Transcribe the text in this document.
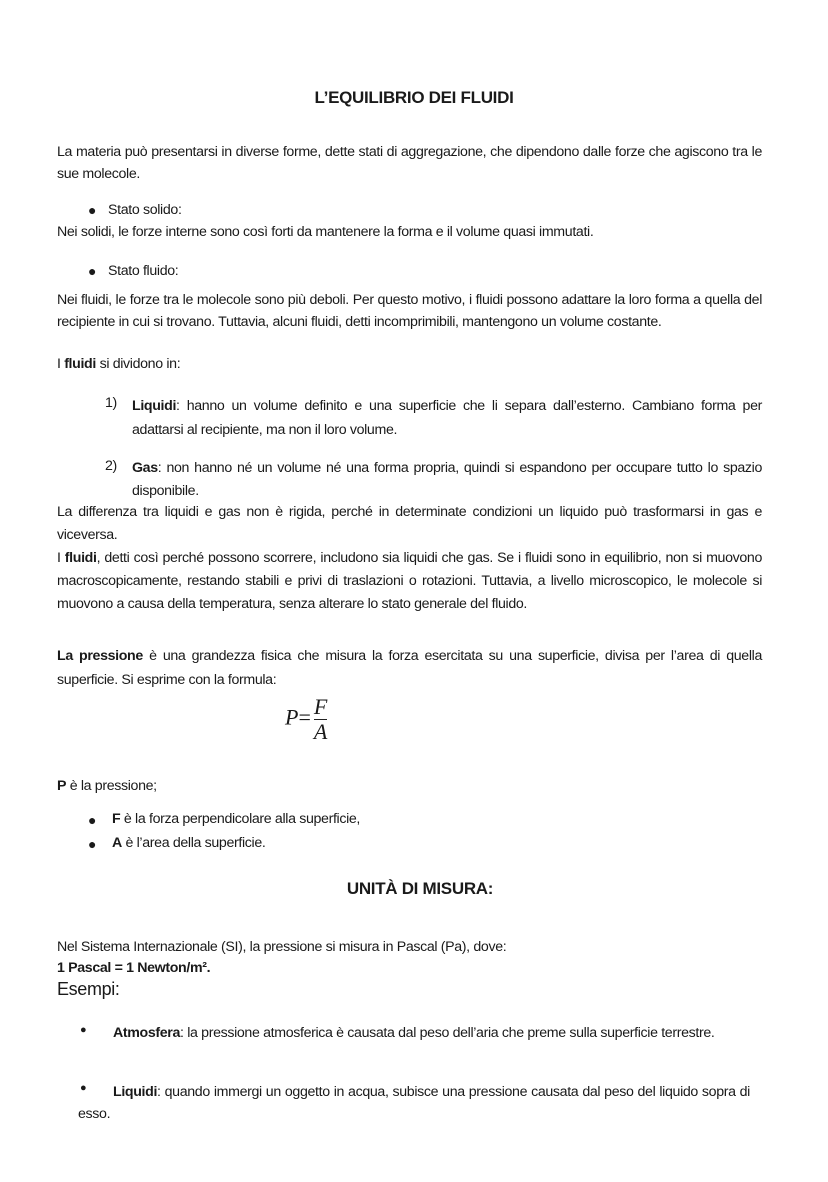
L’EQUILIBRIO DEI FLUIDI
La materia può presentarsi in diverse forme, dette stati di aggregazione, che dipendono dalle forze che agiscono tra le sue molecole.
● Stato solido:
Nei solidi, le forze interne sono così forti da mantenere la forma e il volume quasi immutati.
● Stato fluido:
Nei fluidi, le forze tra le molecole sono più deboli. Per questo motivo, i fluidi possono adattare la loro forma a quella del recipiente in cui si trovano. Tuttavia, alcuni fluidi, detti incomprimibili, mantengono un volume costante.
I fluidi si dividono in:
1) Liquidi: hanno un volume definito e una superficie che li separa dall’esterno. Cambiano forma per adattarsi al recipiente, ma non il loro volume.
2) Gas: non hanno né un volume né una forma propria, quindi si espandono per occupare tutto lo spazio disponibile.
La differenza tra liquidi e gas non è rigida, perché in determinate condizioni un liquido può trasformarsi in gas e viceversa.
I fluidi, detti così perché possono scorrere, includono sia liquidi che gas. Se i fluidi sono in equilibrio, non si muovono macroscopicamente, restando stabili e privi di traslazioni o rotazioni. Tuttavia, a livello microscopico, le molecole si muovono a causa della temperatura, senza alterare lo stato generale del fluido.
La pressione è una grandezza fisica che misura la forza esercitata su una superficie, divisa per l’area di quella superficie. Si esprime con la formula:
$P= \frac{F}{A}$
P è la pressione;
● F è la forza perpendicolare alla superficie,
● A è l’area della superficie.
UNITÀ DI MISURA:
Nel Sistema Internazionale (SI), la pressione si misura in Pascal (Pa), dove:
1 Pascal = 1 Newton/m².
Esempi:
●	Atmosfera: la pressione atmosferica è causata dal peso dell’aria che preme sulla superficie terrestre.
●	Liquidi: quando immergi un oggetto in acqua, subisce una pressione causata dal peso del liquido sopra di esso.
